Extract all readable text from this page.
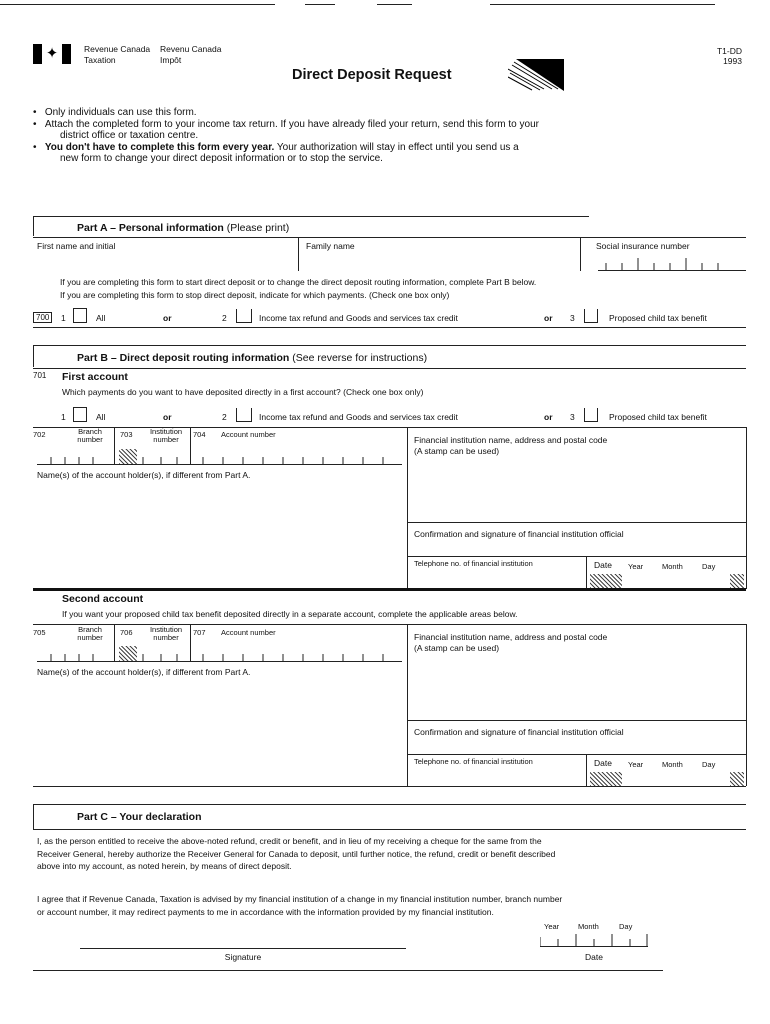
✦	Revenue Canada
Taxation
Revenu Canada
Impôt
Direct Deposit Request
T1-DD
1993
•   Only individuals can use this form.
•   Attach the completed form to your income tax return. If you have already filed your return, send this form to your
district office or taxation centre.
•   You don't have to complete this form every year. Your authorization will stay in effect until you send us a
new form to change your direct deposit information or to stop the service.
Part A – Personal information (Please print)
First name and initial	Family name	Social insurance number
If you are completing this form to start direct deposit or to change the direct deposit routing information, complete Part B below.
If you are completing this form to stop direct deposit, indicate for which payments. (Check one box only)
700	1	All	or	2	Income tax refund and Goods and services tax credit	or 3	Proposed child tax benefit
Part B – Direct deposit routing information (See reverse for instructions)
701 First account
Which payments do you want to have deposited directly in a first account? (Check one box only)
1	All	or	2	Income tax refund and Goods and services tax credit	or 3	Proposed child tax benefit
702	Branch number
703	Institution number
704 Account number
Financial institution name, address and postal code
(A stamp can be used)
Name(s) of the account holder(s), if different from Part A.
Confirmation and signature of financial institution official
Telephone no. of financial institution	Date Year	Month	Day
Second account
If you want your proposed child tax benefit deposited directly in a separate account, complete the applicable areas below.
705	Branch number
706	Institution number
707 Account number	Financial institution name, address and postal code
(A stamp can be used)
Name(s) of the account holder(s), if different from Part A.
Confirmation and signature of financial institution official
Telephone no. of financial institution	Date Year	Month	Day
Part C – Your declaration
I, as the person entitled to receive the above-noted refund, credit or benefit, and in lieu of my receiving a cheque for the same from the
Receiver General, hereby authorize the Receiver General for Canada to deposit, until further notice, the refund, credit or benefit described
above into my account, as noted herein, by means of direct deposit.
I agree that if Revenue Canada, Taxation is advised by my financial institution of a change in my financial institution number, branch number
or account number, it may redirect payments to me in accordance with the information provided by my financial institution.
Year	Month	Day
Signature	Date
